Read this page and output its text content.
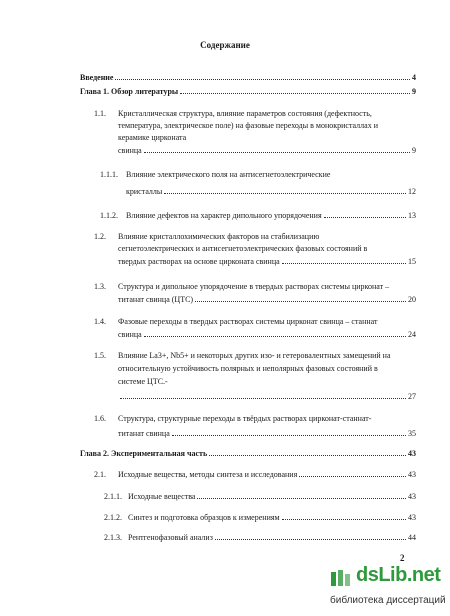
Содержание
Введение	4
Глава 1. Обзор литературы	9
1.1. Кристаллическая структура, влияние параметров состояния (дефектность,
температура, электрическое поле) на фазовые переходы в монокристаллах и
керамике цирконата
свинца	9
1.1.1. Влияние электрического поля на антисегнетоэлектрические
кристаллы	12
1.1.2. Влияние дефектов на характер дипольного упорядочения	13
1.2. Влияние кристаллохимических факторов на стабилизацию
сегнетоэлектрических и антисегнетоэлектрических фазовых состояний в
твердых растворах на основе цирконата свинца	15
1.3. Структура и дипольное упорядочение в твердых растворах системы цирконат –
титанат свинца (ЦТС)	20
1.4. Фазовые переходы в твердых растворах системы цирконат свинца – станнат
свинца	24
1.5. Влияние La3+, Nb5+ и некоторых других изо- и гетеровалентных замещений на
относительную устойчивость полярных и неполярных фазовых состояний в
системе ЦТС.-
27
1.6. Структура, структурные переходы в твёрдых растворах цирконат-станнат-
титанат свинца	35
Глава 2. Экспериментальная часть	43
2.1. Исходные вещества, методы синтеза и исследования	43
2.1.1. Исходные вещества	43
2.1.2. Синтез и подготовка образцов к измерениям	43
2.1.3. Рентгенофазовый анализ	44
2
dsLib.net
библиотека диссертаций
